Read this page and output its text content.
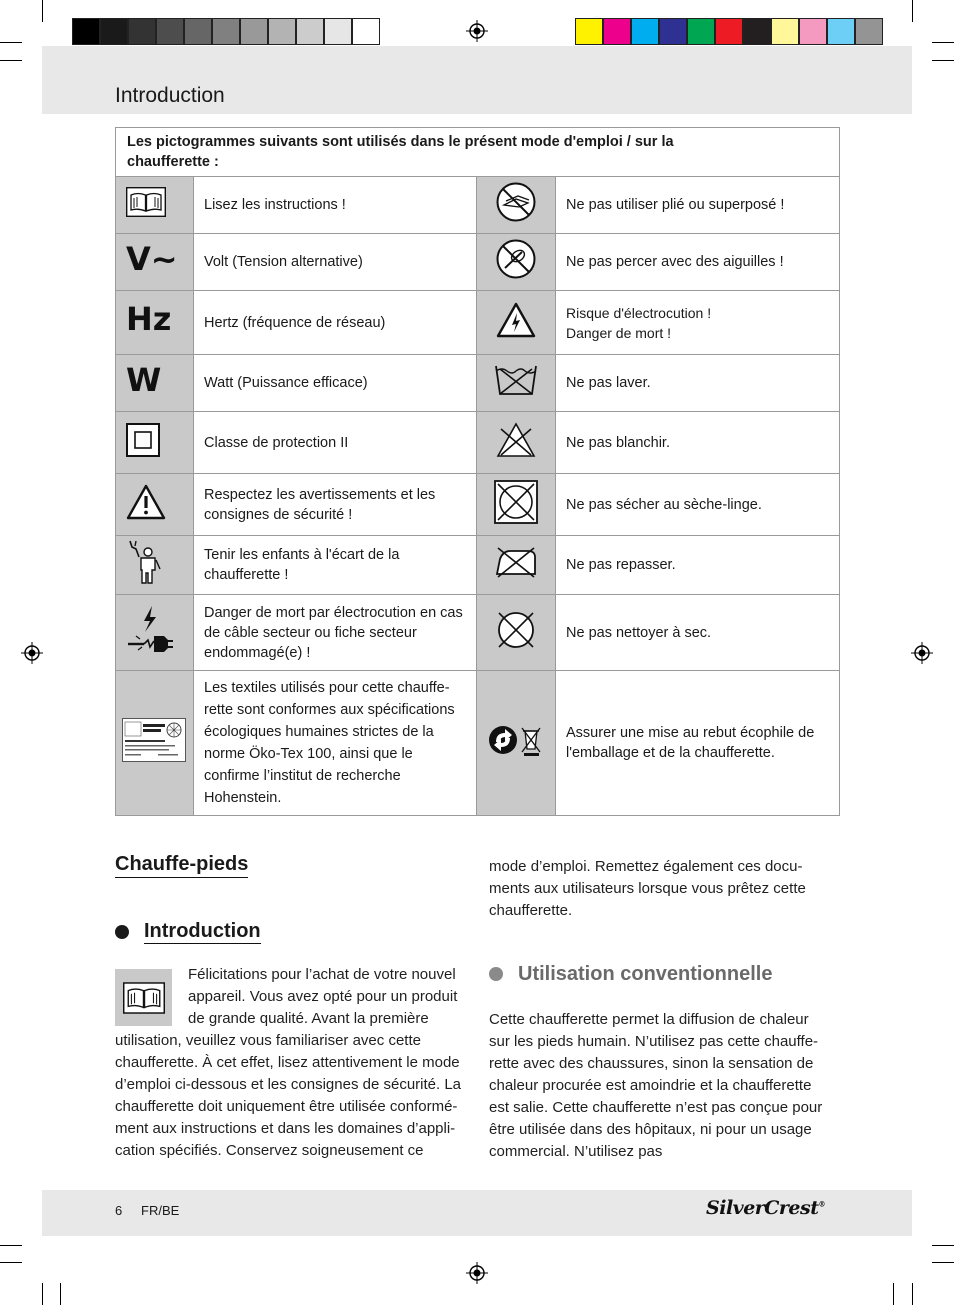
Introduction
Les pictogrammes suivants sont utilisés dans le présent mode d'emploi / sur la chaufferette :			

	Lisez les instructions !		Ne pas utiliser plié ou superposé !
V~	Volt (Tension alternative)		Ne pas percer avec des aiguilles !
Hz	Hertz (fréquence de réseau)		Risque d'électrocution !
Danger de mort !
W	Watt (Puissance efficace)		Ne pas laver.
	Classe de protection II		Ne pas blanchir.
	Respectez les avertissements et les consignes de sécurité !		Ne pas sécher au sèche-linge.
	Tenir les enfants à l'écart de la chaufferette !		Ne pas repasser.
	Danger de mort par électrocution en cas de câble secteur ou fiche secteur endommagé(e) !		Ne pas nettoyer à sec.
	Les textiles utilisés pour cette chauffe-rette sont conformes aux spécifications écologiques humaines strictes de la norme Öko-Tex 100, ainsi que le confirme l’institut de recherche Hohenstein.		Assurer une mise au rebut écophile de l'emballage et de la chaufferette.
Chauffe-pieds
Introduction
Félicitations pour l’achat de votre nouvel
appareil. Vous avez opté pour un produit
de grande qualité. Avant la première
utilisation, veuillez vous familiariser avec cette
chaufferette. À cet effet, lisez attentivement le mode
d’emploi ci-dessous et les consignes de sécurité. La
chaufferette doit uniquement être utilisée conformé-
ment aux instructions et dans les domaines d’appli-
cation spécifiés. Conservez soigneusement ce
mode d’emploi. Remettez également ces docu-
ments aux utilisateurs lorsque vous prêtez cette
chaufferette.
Utilisation conventionnelle
Cette chaufferette permet la diffusion de chaleur
sur les pieds humain. N’utilisez pas cette chauffe-
rette avec des chaussures, sinon la sensation de
chaleur procurée est amoindrie et la chaufferette
est salie. Cette chaufferette n’est pas conçue pour
être utilisée dans des hôpitaux, ni pour un usage
commercial. N’utilisez pas
6 FR/BE	SilverCrest®
